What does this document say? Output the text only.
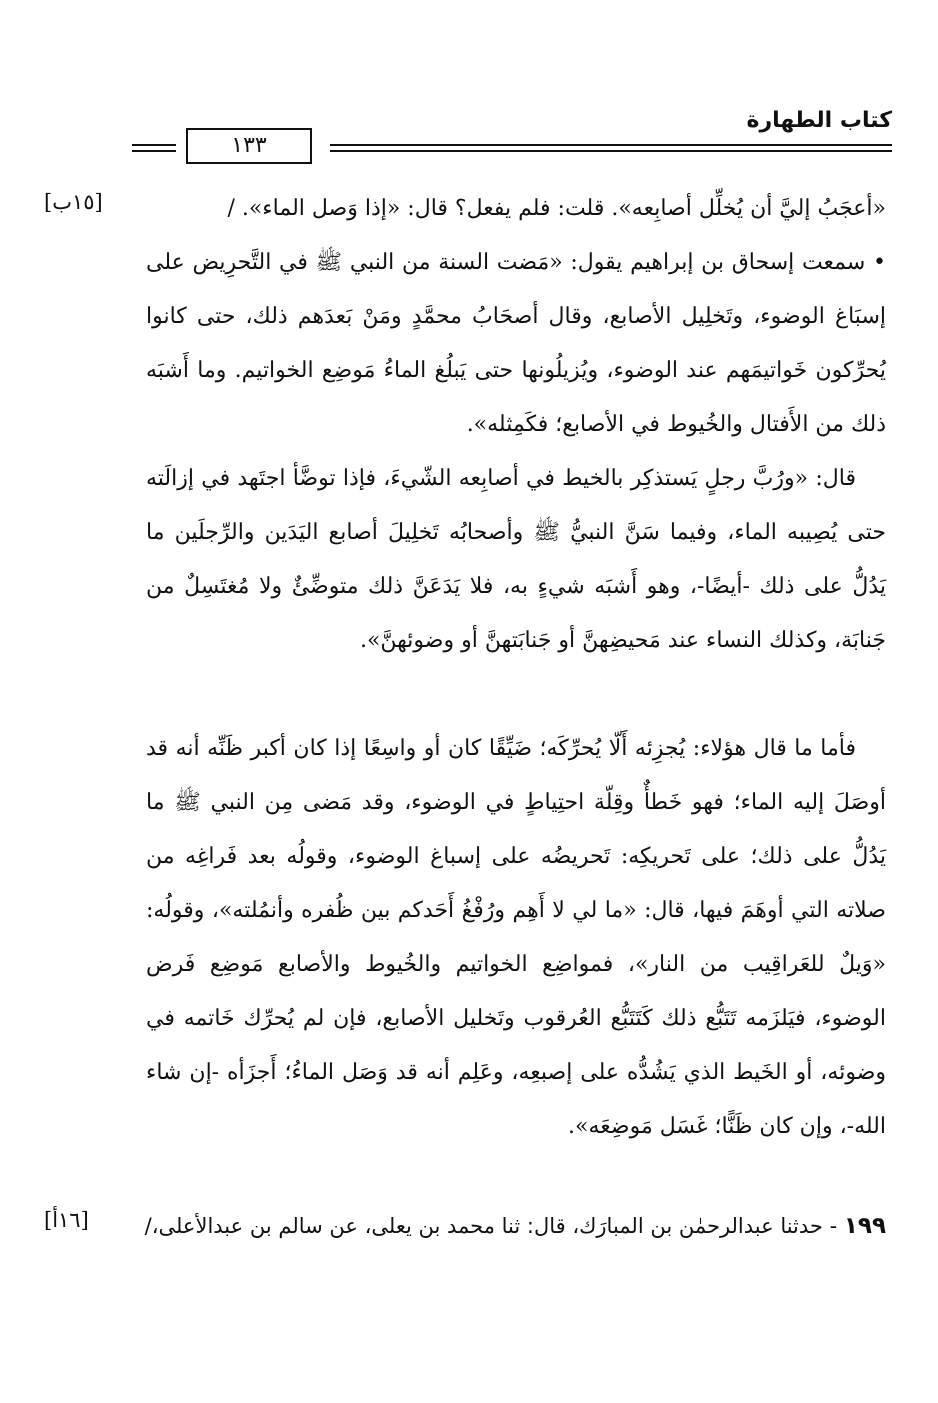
كتاب الطهارة
١٣٣
[١٥ب]	«أعجَبُ إليَّ أن يُخلِّل أصابِعه». قلت: فلم يفعل؟ قال: «إذا وَصل الماء». /

• سمعت إسحاق بن إبراهيم يقول: «مَضت السنة من النبي ﷺ في التَّحرِيض على إسبَاغ الوضوء، وتَخلِيل الأصابع، وقال أصحَابُ محمَّدٍ ومَنْ بَعدَهم ذلك، حتى كانوا يُحرِّكون خَواتيمَهم عند الوضوء، ويُزيلُونها حتى يَبلُغ الماءُ مَوضِع الخواتيم. وما أَشبَه ذلك من الأَفتال والخُيوط في الأصابع؛ فكَمِثله».

قال: «ورُبَّ رجلٍ يَستذكِر بالخيط في أصابِعه الشّيءَ، فإذا توضَّأ اجتَهد في إزالَته حتى يُصِيبه الماء، وفيما سَنَّ النبيُّ ﷺ وأصحابُه تَخلِيلَ أصابع اليَدَين والرِّجلَين ما يَدُلُّ على ذلك -أيضًا-، وهو أَشبَه شيءٍ به، فلا يَدَعَنَّ ذلك متوضِّئٌ ولا مُغتَسِلٌ من جَنابَة، وكذلك النساء عند مَحيضِهنَّ أو جَنابَتهنَّ أو وضوئهنَّ».

فأما ما قال هؤلاء: يُجزِئه أَلّا يُحرِّكَه؛ ضَيِّقًا كان أو واسِعًا إذا كان أكبر ظَنِّه أنه قد أوصَلَ إليه الماء؛ فهو خَطأٌ وقِلّة احتِياطٍ في الوضوء، وقد مَضى مِن النبي ﷺ ما يَدُلُّ على ذلك؛ على تَحريكِه: تَحريضُه على إسباغ الوضوء، وقولُه بعد فَراغِه من صلاته التي أوهَمَ فيها، قال: «ما لي لا أَهِم ورُفْغُ أَحَدكم بين ظُفره وأنمُلته»، وقولُه: «وَيلٌ للعَراقِيب من النار»، فمواضِع الخواتيم والخُيوط والأصابع مَوضِع فَرض الوضوء، فيَلزَمه تَتَبُّع ذلك كَتَتَبُّع العُرقوب وتَخليل الأصابع، فإن لم يُحرِّك خَاتمه في وضوئه، أو الخَيط الذي يَشُدُّه على إصبعِه، وعَلِم أنه قد وَصَل الماءُ؛ أَجزَأه -إن شاء الله-، وإن كان ظَنًّا؛ غَسَل مَوضِعَه».

[١٦أ]	١٩٩ - حدثنا عبدالرحمٰن بن المبارَك، قال: ثنا محمد بن يعلى، عن سالم بن عبدالأعلى،/
